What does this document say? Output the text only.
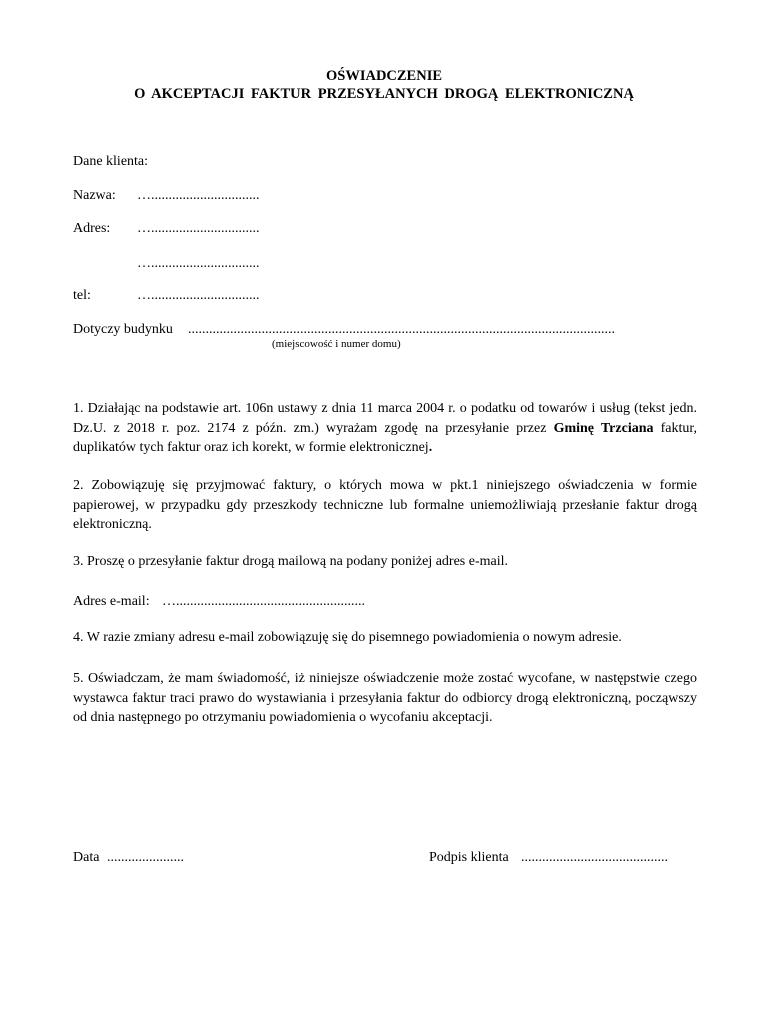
OŚWIADCZENIE
O AKCEPTACJI FAKTUR PRZESYŁANYCH DROGĄ ELEKTRONICZNĄ
Dane klienta:
Nazwa: …...............................
Adres: …...............................
…...............................
tel:	…...............................
Dotyczy budynku ..........................................................................................................................
(miejscowość i numer domu)

1. Działając na podstawie art. 106n ustawy z dnia 11 marca 2004 r. o podatku od towarów i usług (tekst jedn. Dz.U. z 2018 r. poz. 2174 z późn. zm.) wyrażam zgodę na przesyłanie przez Gminę Trzciana faktur, duplikatów tych faktur oraz ich korekt, w formie elektronicznej.

2. Zobowiązuję się przyjmować faktury, o których mowa w pkt.1 niniejszego oświadczenia w formie papierowej, w przypadku gdy przeszkody techniczne lub formalne uniemożliwiają przesłanie faktur drogą elektroniczną.

3. Proszę o przesyłanie faktur drogą mailową na podany poniżej adres e-mail.
Adres e-mail: …......................................................
4. W razie zmiany adresu e-mail zobowiązuję się do pisemnego powiadomienia o nowym adresie.

5. Oświadczam, że mam świadomość, iż niniejsze oświadczenie może zostać wycofane, w następstwie czego wystawca faktur traci prawo do wystawiania i przesyłania faktur do odbiorcy drogą elektroniczną, począwszy od dnia następnego po otrzymaniu powiadomienia o wycofaniu akceptacji.

Data ......................	Podpis klienta ..........................................
